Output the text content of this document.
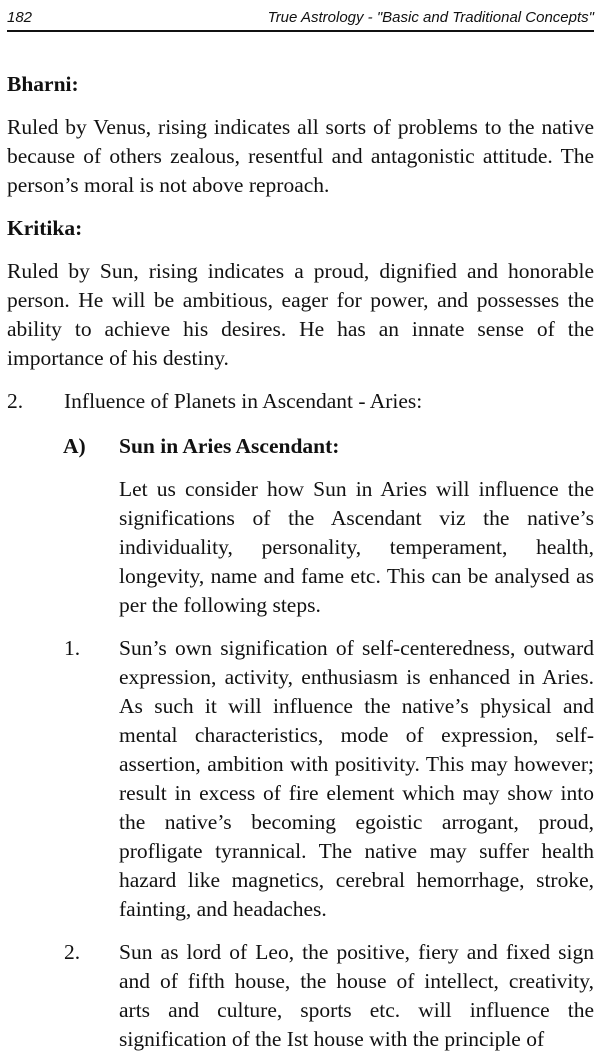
182	True Astrology - "Basic and Traditional Concepts"

Bharni:

Ruled by Venus, rising indicates all sorts of problems to the native because of others zealous, resentful and antagonistic attitude. The person’s moral is not above reproach.

Kritika:

Ruled by Sun, rising indicates a proud, dignified and honorable person. He will be ambitious, eager for power, and possesses the ability to achieve his desires. He has an innate sense of the importance of his destiny.

2. Influence of Planets in Ascendant - Aries:
A) Sun in Aries Ascendant:

Let us consider how Sun in Aries will influence the significations of the Ascendant viz the native’s individuality, personality, temperament, health, longevity, name and fame etc. This can be analysed as per the following steps.

1. Sun’s own signification of self-centeredness, outward expression, activity, enthusiasm is enhanced in Aries. As such it will influence the native’s physical and mental characteristics, mode of expression, self-assertion, ambition with positivity. This may however; result in excess of fire element which may show into the native’s becoming egoistic arrogant, proud, profligate tyrannical. The native may suffer health hazard like magnetics, cerebral hemorrhage, stroke, fainting, and headaches.

2. Sun as lord of Leo, the positive, fiery and fixed sign and of fifth house, the house of intellect, creativity, arts and culture, sports etc. will influence the signification of the Ist house with the principle of
